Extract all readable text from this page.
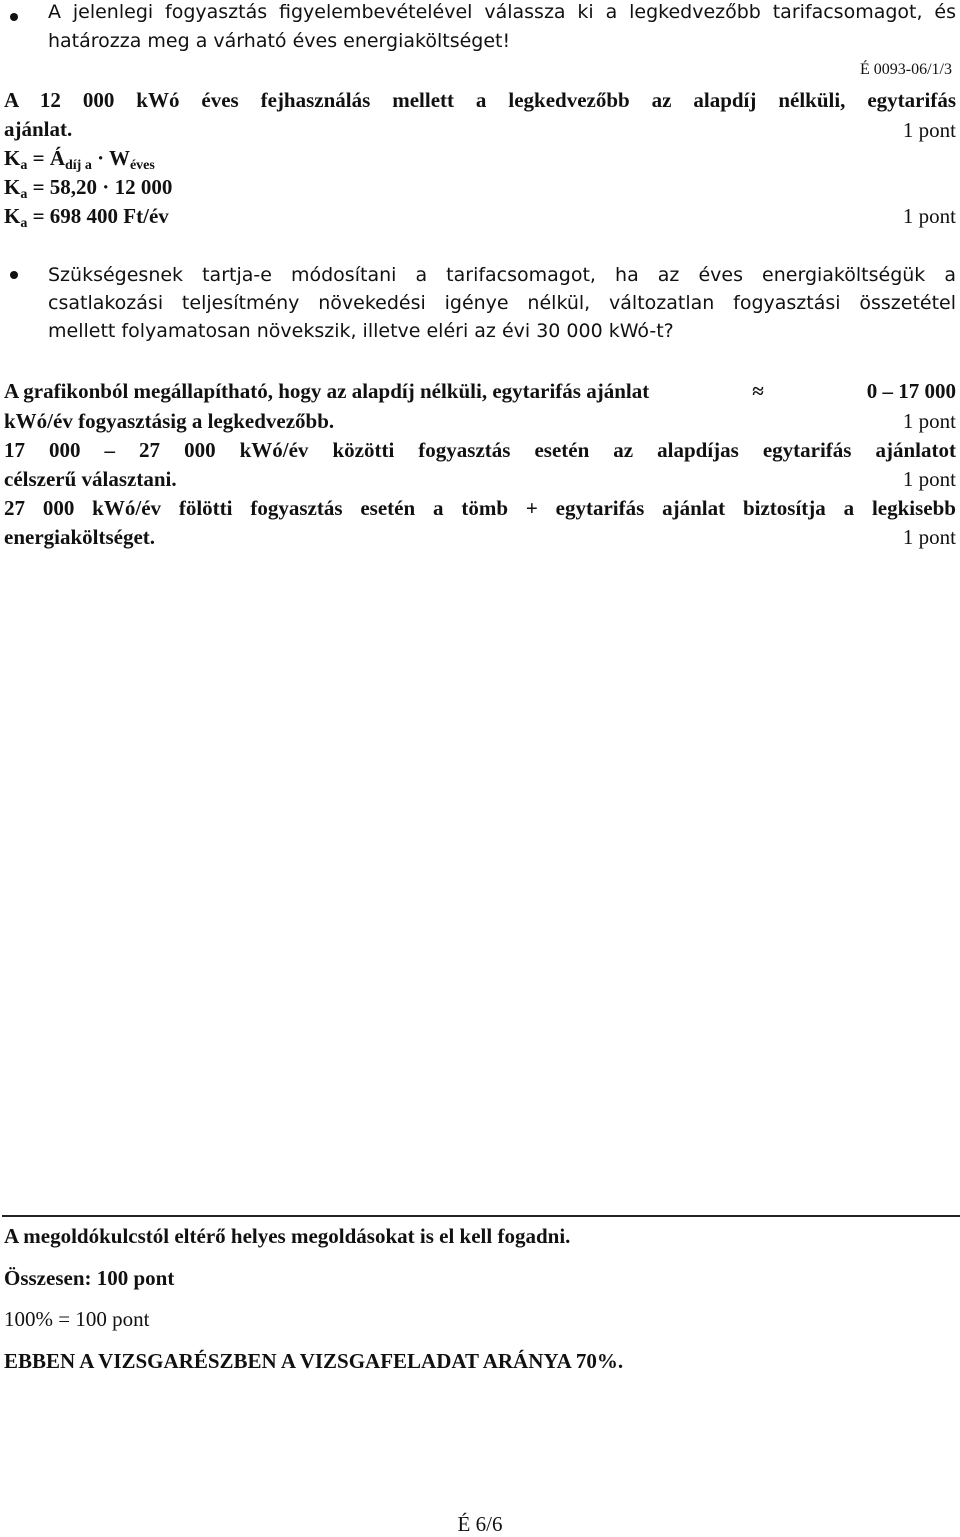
A jelenlegi fogyasztás figyelembevételével válassza ki a legkedvezőbb tarifacsomagot, és
határozza meg a várható éves energiaköltséget!
É 0093-06/1/3
A 12 000 kWó éves fejhasználás mellett a legkedvezőbb az alapdíj nélküli, egytarifás
ajánlat.	1 pont
$K_a$ = $Á_{díj a} \cdot W_{éves}$
$K_a = 58,20 \cdot 12$ 000
$K_a = 698$ 400 Ft/év	1 pont
Szükségesnek tartja-e módosítani a tarifacsomagot, ha az éves energiaköltségük a
csatlakozási teljesítmény növekedési igénye nélkül, változatlan fogyasztási összetétel
mellett folyamatosan növekszik, illetve eléri az évi 30 000 kWó-t?
A grafikonból megállapítható, hogy az alapdíj nélküli, egytarifás ajánlat	≈	0 – 17 000
kWó/év fogyasztásig a legkedvezőbb.	1 pont
17 000 – 27 000 kWó/év közötti fogyasztás esetén az alapdíjas egytarifás ajánlatot
célszerű választani.	1 pont
27 000 kWó/év fölötti fogyasztás esetén a tömb + egytarifás ajánlat biztosítja a legkisebb
energiaköltséget.	1 pont
A megoldókulcstól eltérő helyes megoldásokat is el kell fogadni.
Összesen: 100 pont
100% = 100 pont
EBBEN A VIZSGARÉSZBEN A VIZSGAFELADAT ARÁNYA 70%.
É 6/6
